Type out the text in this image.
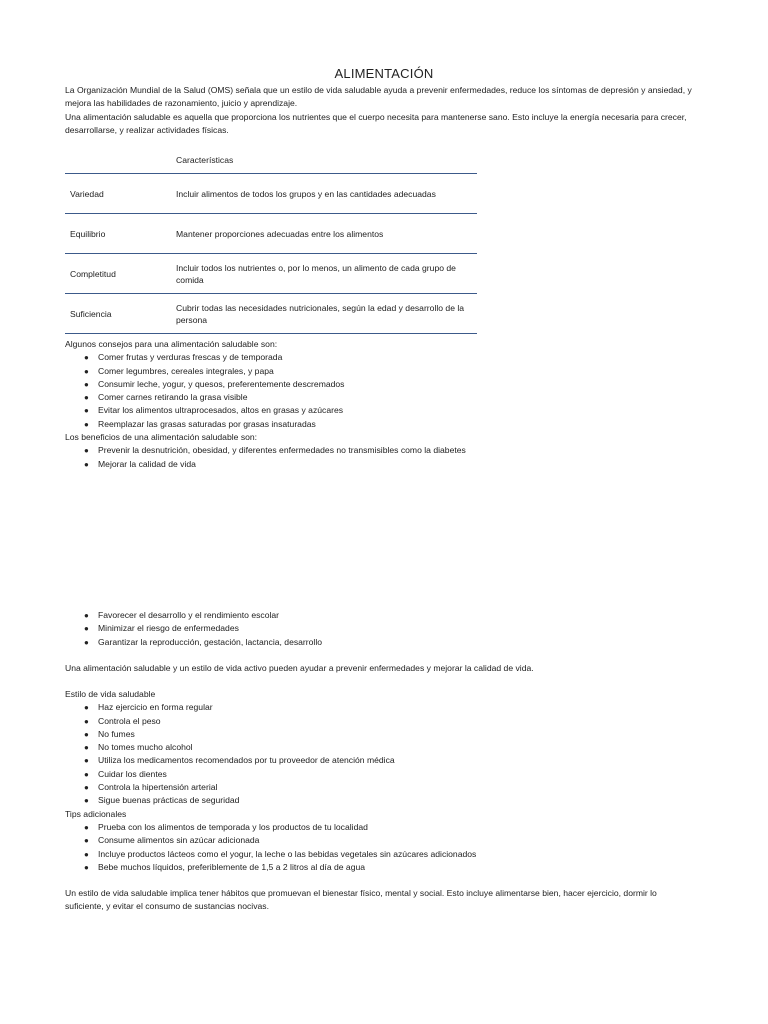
ALIMENTACIÓN

La Organización Mundial de la Salud (OMS) señala que un estilo de vida saludable ayuda a prevenir enfermedades, reduce los síntomas de depresión y ansiedad, y mejora las habilidades de razonamiento, juicio y aprendizaje.

Una alimentación saludable es aquella que proporciona los nutrientes que el cuerpo necesita para mantenerse sano. Esto incluye la energía necesaria para crecer, desarrollarse, y realizar actividades físicas.

	Características
Variedad	Incluir alimentos de todos los grupos y en las cantidades adecuadas
Equilibrio	Mantener proporciones adecuadas entre los alimentos
Completitud	Incluir todos los nutrientes o, por lo menos, un alimento de cada grupo de comida
Suficiencia	Cubrir todas las necesidades nutricionales, según la edad y desarrollo de la persona

Algunos consejos para una alimentación saludable son:

● Comer frutas y verduras frescas y de temporada
● Comer legumbres, cereales integrales, y papa
● Consumir leche, yogur, y quesos, preferentemente descremados
● Comer carnes retirando la grasa visible
● Evitar los alimentos ultraprocesados, altos en grasas y azúcares
● Reemplazar las grasas saturadas por grasas insaturadas

Los beneficios de una alimentación saludable son:

● Prevenir la desnutrición, obesidad, y diferentes enfermedades no transmisibles como la diabetes
● Mejorar la calidad de vida
● Favorecer el desarrollo y el rendimiento escolar
● Minimizar el riesgo de enfermedades
● Garantizar la reproducción, gestación, lactancia, desarrollo

Una alimentación saludable y un estilo de vida activo pueden ayudar a prevenir enfermedades y mejorar la calidad de vida.

Estilo de vida saludable

● Haz ejercicio en forma regular
● Controla el peso
● No fumes
● No tomes mucho alcohol
● Utiliza los medicamentos recomendados por tu proveedor de atención médica
● Cuidar los dientes
● Controla la hipertensión arterial
● Sigue buenas prácticas de seguridad

Tips adicionales

● Prueba con los alimentos de temporada y los productos de tu localidad
● Consume alimentos sin azúcar adicionada
● Incluye productos lácteos como el yogur, la leche o las bebidas vegetales sin azúcares adicionados
● Bebe muchos líquidos, preferiblemente de 1,5 a 2 litros al día de agua

Un estilo de vida saludable implica tener hábitos que promuevan el bienestar físico, mental y social. Esto incluye alimentarse bien, hacer ejercicio, dormir lo suficiente, y evitar el consumo de sustancias nocivas.
